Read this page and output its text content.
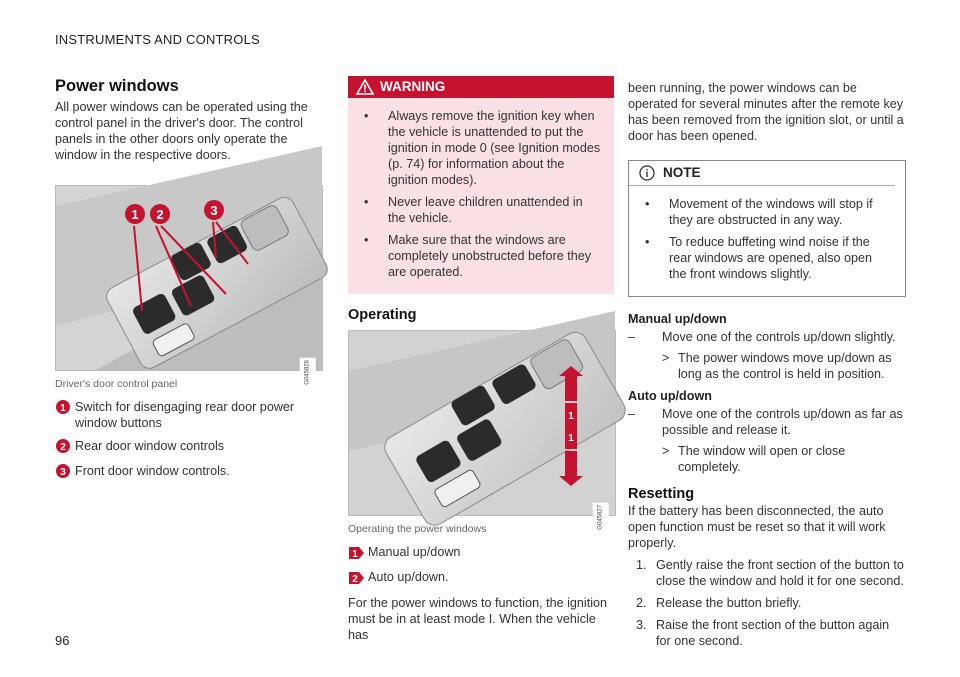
INSTRUMENTS AND CONTROLS
96
Power windows

All power windows can be operated using the control panel in the driver's door. The control panels in the other doors only operate the window in the respective doors.

1 2	3
G045826
Driver's door control panel
1 Switch for disengaging rear door power window buttons
2 Rear door window controls
3 Front door window controls.
WARNING
•	Always remove the ignition key when the vehicle is unattended to put the ignition in mode 0 (see Ignition modes (p. 74) for information about the ignition modes).
•	Never leave children unattended in the vehicle.
•	Make sure that the windows are completely unobstructed before they are operated.
Operating
1
1
G045827
Operating the power windows
1 Manual up/down
2 Auto up/down.

For the power windows to function, the ignition must be in at least mode I. When the vehicle has

been running, the power windows can be operated for several minutes after the remote key has been removed from the ignition slot, or until a door has been opened.

NOTE
•	Movement of the windows will stop if they are obstructed in any way.
•	To reduce buffeting wind noise if the rear windows are opened, also open the front windows slightly.
Manual up/down
–	Move one of the controls up/down slightly.
> The power windows move up/down as long as the control is held in position.
Auto up/down
–	Move one of the controls up/down as far as possible and release it.
> The window will open or close completely.
Resetting

If the battery has been disconnected, the auto open function must be reset so that it will work properly.

1. Gently raise the front section of the button to close the window and hold it for one second.
2. Release the button briefly.
3. Raise the front section of the button again for one second.
